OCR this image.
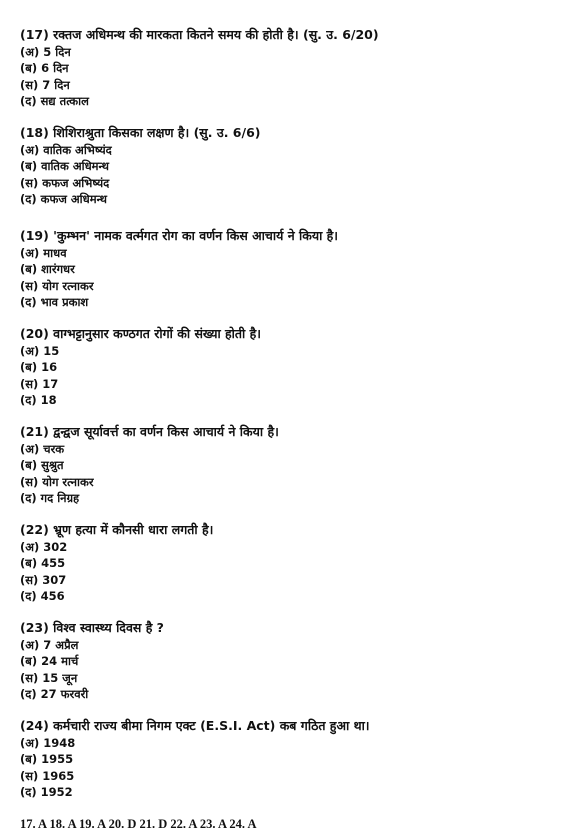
(17) रक्तज अधिमन्थ की मारकता कितने समय की होती है। (सु. उ. 6/20)
(अ) 5 दिन
(ब) 6 दिन
(स) 7 दिन
(द) सद्य तत्काल
(18) शिशिराश्रुता किसका लक्षण है। (सु. उ. 6/6)
(अ) वातिक अभिष्यंद
(ब) वातिक अधिमन्थ
(स) कफज अभिष्यंद
(द) कफज अधिमन्थ
(19) 'कुम्भन' नामक वर्त्मगत रोग का वर्णन किस आचार्य ने किया है।
(अ) माधव
(ब) शारंगधर
(स) योग रत्नाकर
(द) भाव प्रकाश
(20) वाग्भट्टानुसार कण्ठगत रोगों की संख्या होती है।
(अ) 15
(ब) 16
(स) 17
(द) 18
(21) द्वन्द्वज सूर्यावर्त्त का वर्णन किस आचार्य ने किया है।
(अ) चरक
(ब) सुश्रुत
(स) योग रत्नाकर
(द) गद निग्रह
(22) भ्रूण हत्या में कौनसी धारा लगती है।
(अ) 302
(ब) 455
(स) 307
(द) 456
(23) विश्व स्वास्थ्य दिवस है ?
(अ) 7 अप्रैल
(ब) 24 मार्च
(स) 15 जून
(द) 27 फरवरी
(24) कर्मचारी राज्य बीमा निगम एक्ट (E.S.I. Act) कब गठित हुआ था।
(अ) 1948
(ब) 1955
(स) 1965
(द) 1952
17. A 18. A 19. A 20. D 21. D 22. A 23. A 24. A
